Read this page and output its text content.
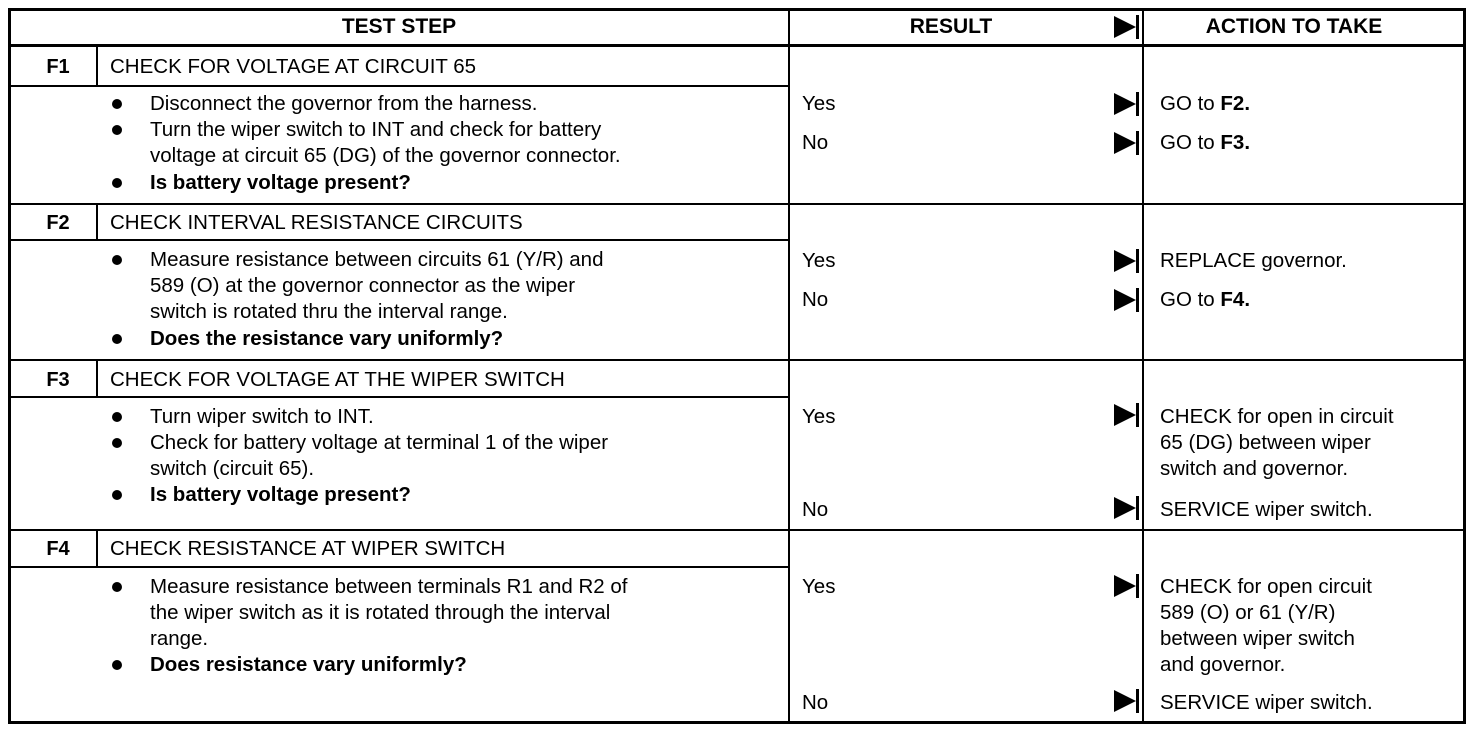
TEST STEP	RESULT	ACTION TO TAKE
F1	CHECK FOR VOLTAGE AT CIRCUIT 65
Disconnect the governor from the harness.
Turn the wiper switch to INT and check for battery
voltage at circuit 65 (DG) of the governor connector.
Is battery voltage present?
Yes	GO to F2.
No	GO to F3.
F2	CHECK INTERVAL RESISTANCE CIRCUITS
Measure resistance between circuits 61 (Y/R) and
589 (O) at the governor connector as the wiper
switch is rotated thru the interval range.
Does the resistance vary uniformly?
Yes	REPLACE governor.
No	GO to F4.
F3	CHECK FOR VOLTAGE AT THE WIPER SWITCH
Turn wiper switch to INT.
Check for battery voltage at terminal 1 of the wiper
switch (circuit 65).
Is battery voltage present?
Yes	CHECK for open in circuit
65 (DG) between wiper
switch and governor.
No	SERVICE wiper switch.
F4	CHECK RESISTANCE AT WIPER SWITCH
Measure resistance between terminals R1 and R2 of
the wiper switch as it is rotated through the interval
range.
Does resistance vary uniformly?
Yes	CHECK for open circuit
589 (O) or 61 (Y/R)
between wiper switch
and governor.
No	SERVICE wiper switch.
